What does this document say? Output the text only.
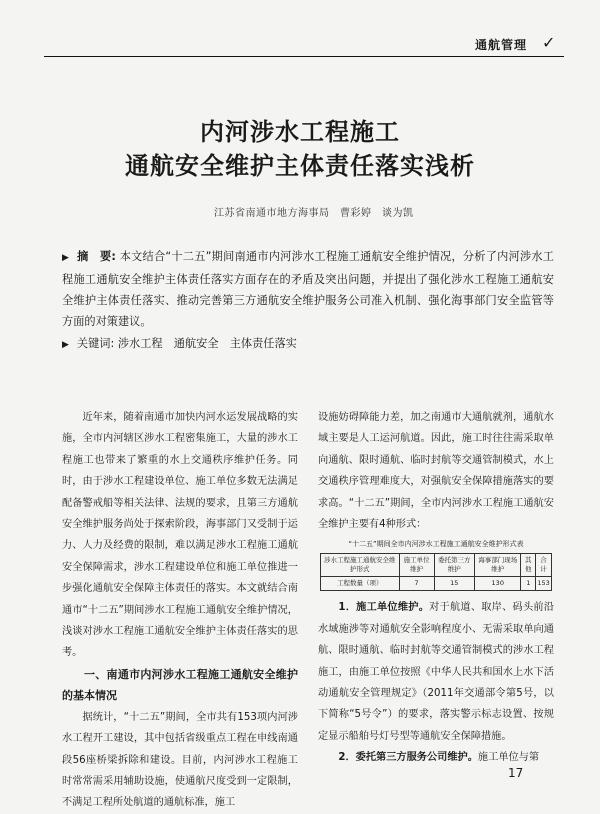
通航管理 ✓
内河涉水工程施工
通航安全维护主体责任落实浅析
江苏省南通市地方海事局　曹彩婷　谈为凯
▶ 摘　要: 本文结合“十二五”期间南通市内河涉水工程施工通航安全维护情况，分析了内河涉水工程施工通航安全维护主体责任落实方面存在的矛盾及突出问题，并提出了强化涉水工程施工通航安全维护主体责任落实、推动完善第三方通航安全维护服务公司准入机制、强化海事部门安全监管等方面的对策建议。
▶ 关键词: 涉水工程　通航安全　主体责任落实

近年来，随着南通市加快内河水运发展战略的实施，全市内河辖区涉水工程密集施工，大量的涉水工程施工也带来了繁重的水上交通秩序维护任务。同时，由于涉水工程建设单位、施工单位多数无法满足配备警戒船等相关法律、法规的要求，且第三方通航安全维护服务尚处于探索阶段，海事部门又受制于运力、人力及经费的限制，难以满足涉水工程施工通航安全保障需求，涉水工程建设单位和施工单位推进一步强化通航安全保障主体责任的落实。本文就结合南通市“十二五”期间涉水工程施工通航安全维护情况，浅谈对涉水工程施工通航安全维护主体责任落实的思考。

一、南通市内河涉水工程施工通航安全维护的基本情况

据统计，“十二五”期间，全市共有153项内河涉水工程开工建设，其中包括省级重点工程在申线南通段56座桥梁拆除和建设。目前，内河涉水工程施工时常常需采用辅助设施，使通航尺度受到一定限制，不满足工程所处航道的通航标准，施工

设施妨碍障能力差，加之南通市大通航就剂，通航水域主要是人工运河航道。因此，施工时往往需采取单向通航、限时通航、临时封航等交通管制模式，水上交通秩序管理难度大，对强航安全保障措施落实的要求高。“十二五”期间，全市内河涉水工程施工通航安全维护主要有4种形式：

“十二五”期间全市内河涉水工程施工通航安全维护形式表
涉水工程施工通航安全维护形式	施工单位维护	委托第三方维护	海事部门现场维护	其他	合计
工程数量（项）	7	15	130	1	153

1．施工单位维护。对于航道、取岸、码头前沿水域施涉等对通航安全影响程度小、无需采取单向通航、限时通航、临时封航等交通管制模式的涉水工程施工，由施工单位按照《中华人民共和国水上水下活动通航安全管理规定》（2011年交通部令第5号，以下简称“5号令”）的要求，落实警示标志设置、按规定显示船舶号灯号型等通航安全保障措施。

2．委托第三方服务公司维护。施工单位与第

17
